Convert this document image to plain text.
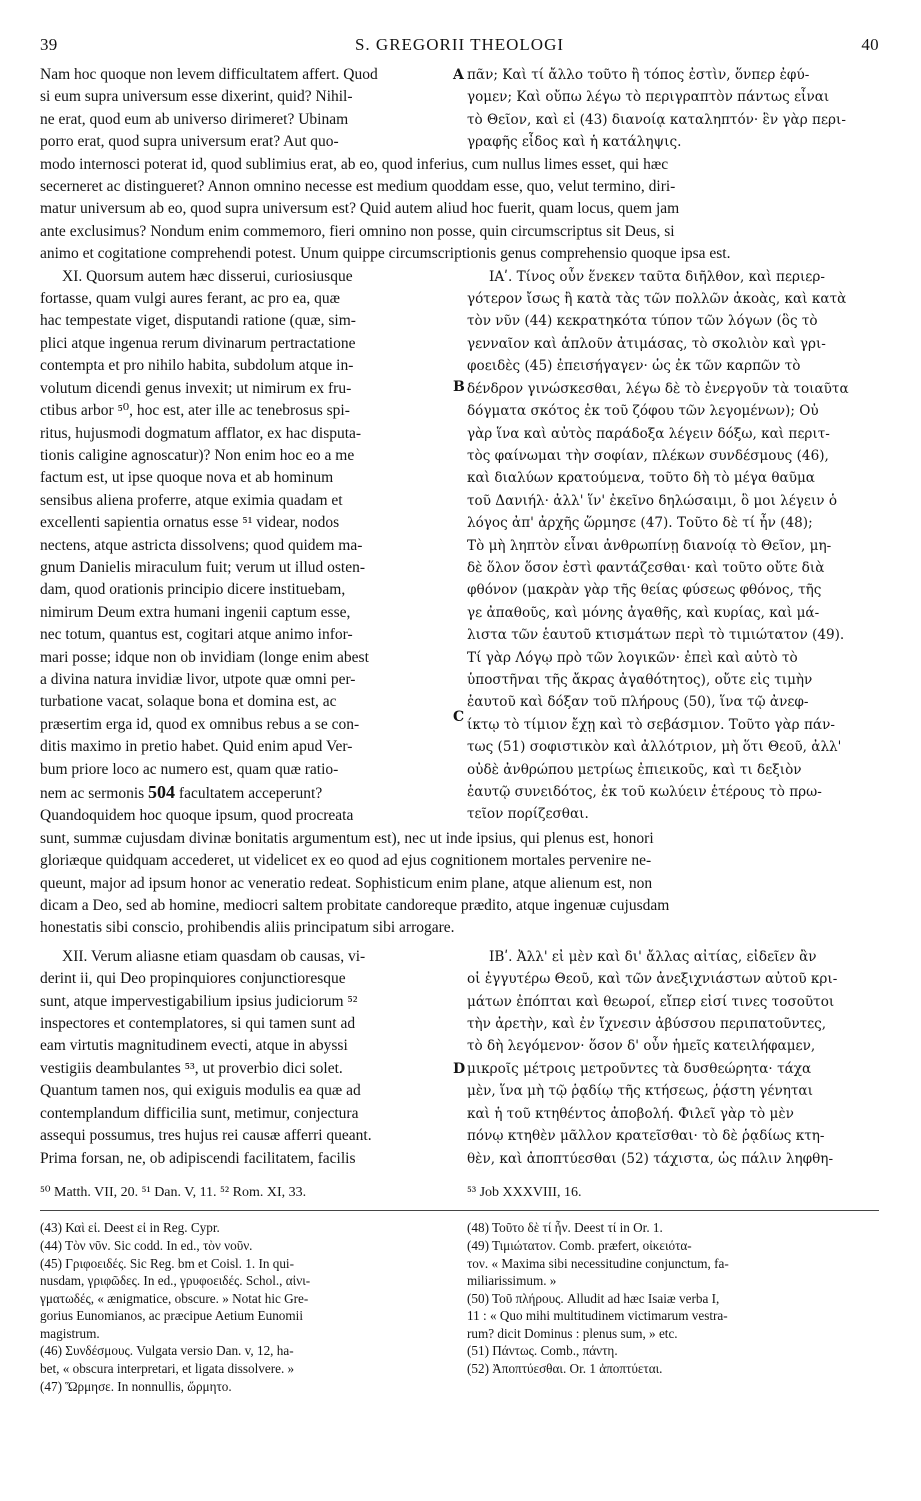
39	S. GREGORII THEOLOGI	40

Nam hoc quoque non levem difficultatem affert. Quod

si eum supra universum esse dixerint, quid? Nihil-

ne erat, quod eum ab universo dirimeret? Ubinam

porro erat, quod supra universum erat? Aut quo-

A πᾶν; Καὶ τί ἄλλο τοῦτο ἢ τόπος ἐστὶν, ὅνπερ ἐφύ-

γομεν; Καὶ οὔπω λέγω τὸ περιγραπτὸν πάντως εἶναι

τὸ Θεῖον, καὶ εἰ (43) διανοίᾳ καταληπτόν· ἓν γὰρ περι-

γραφῆς εἶδος καὶ ἡ κατάληψις.

modo internosci poterat id, quod sublimius erat, ab eo, quod inferius, cum nullus limes esset, qui hæc

secerneret ac distingueret? Annon omnino necesse est medium quoddam esse, quo, velut termino, diri-

matur universum ab eo, quod supra universum est? Quid autem aliud hoc fuerit, quam locus, quem jam

ante exclusimus? Nondum enim commemoro, fieri omnino non posse, quin circumscriptus sit Deus, si

animo et cogitatione comprehendi potest. Unum quippe circumscriptionis genus comprehensio quoque ipsa est.

XI. Quorsum autem hæc disserui, curiosiusque

fortasse, quam vulgi aures ferant, ac pro ea, quæ

hac tempestate viget, disputandi ratione (quæ, sim-

plici atque ingenua rerum divinarum pertractatione

contempta et pro nihilo habita, subdolum atque in-

volutum dicendi genus invexit; ut nimirum ex fru-

ctibus arbor ⁵⁰, hoc est, ater ille ac tenebrosus spi-

ritus, hujusmodi dogmatum afflator, ex hac disputa-

tionis caligine agnoscatur)? Non enim hoc eo a me

factum est, ut ipse quoque nova et ab hominum

sensibus aliena proferre, atque eximia quadam et

excellenti sapientia ornatus esse ⁵¹ videar, nodos

nectens, atque astricta dissolvens; quod quidem ma-

gnum Danielis miraculum fuit; verum ut illud osten-

dam, quod orationis principio dicere instituebam,

nimirum Deum extra humani ingenii captum esse,

nec totum, quantus est, cogitari atque animo infor-

mari posse; idque non ob invidiam (longe enim abest

a divina natura invidiæ livor, utpote quæ omni per-

turbatione vacat, solaque bona et domina est, ac

præsertim erga id, quod ex omnibus rebus a se con-

ditis maximo in pretio habet. Quid enim apud Ver-

bum priore loco ac numero est, quam quæ ratio-

nem ac sermonis 504 facultatem acceperunt?

Quandoquidem hoc quoque ipsum, quod procreata

B
C

ΙΑʹ. Τίνος οὖν ἕνεκεν ταῦτα διῆλθον, καὶ περιερ-

γότερον ἴσως ἢ κατὰ τὰς τῶν πολλῶν ἀκοὰς, καὶ κατὰ

τὸν νῦν (44) κεκρατηκότα τύπον τῶν λόγων (ὃς τὸ

γενναῖον καὶ ἁπλοῦν ἀτιμάσας, τὸ σκολιὸν καὶ γρι-

φοειδὲς (45) ἐπεισήγαγεν· ὡς ἐκ τῶν καρπῶν τὸ

δένδρον γινώσκεσθαι, λέγω δὲ τὸ ἐνεργοῦν τὰ τοιαῦτα

δόγματα σκότος ἐκ τοῦ ζόφου τῶν λεγομένων); Οὐ

γὰρ ἵνα καὶ αὐτὸς παράδοξα λέγειν δόξω, καὶ περιτ-

τὸς φαίνωμαι τὴν σοφίαν, πλέκων συνδέσμους (46),

καὶ διαλύων κρατούμενα, τοῦτο δὴ τὸ μέγα θαῦμα

τοῦ Δανιήλ· ἀλλ' ἵν' ἐκεῖνο δηλώσαιμι, ὃ μοι λέγειν ὁ

λόγος ἀπ' ἀρχῆς ὥρμησε (47). Τοῦτο δὲ τί ἦν (48);

Τὸ μὴ ληπτὸν εἶναι ἀνθρωπίνῃ διανοίᾳ τὸ Θεῖον, μη-

δὲ ὅλον ὅσον ἐστὶ φαντάζεσθαι· καὶ τοῦτο οὔτε διὰ

φθόνον (μακρὰν γὰρ τῆς θείας φύσεως φθόνος, τῆς

γε ἀπαθοῦς, καὶ μόνης ἀγαθῆς, καὶ κυρίας, καὶ μά-

λιστα τῶν ἑαυτοῦ κτισμάτων περὶ τὸ τιμιώτατον (49).

Τί γὰρ Λόγῳ πρὸ τῶν λογικῶν· ἐπεὶ καὶ αὐτὸ τὸ

ὑποστῆναι τῆς ἄκρας ἀγαθότητος), οὔτε εἰς τιμὴν

ἑαυτοῦ καὶ δόξαν τοῦ πλήρους (50), ἵνα τῷ ἀνεφ-

ίκτῳ τὸ τίμιον ἔχῃ καὶ τὸ σεβάσμιον. Τοῦτο γὰρ πάν-

τως (51) σοφιστικὸν καὶ ἀλλότριον, μὴ ὅτι Θεοῦ, ἀλλ'

οὐδὲ ἀνθρώπου μετρίως ἐπιεικοῦς, καὶ τι δεξιὸν

ἑαυτῷ συνειδότος, ἐκ τοῦ κωλύειν ἑτέρους τὸ πρω-

τεῖον πορίζεσθαι.

sunt, summæ cujusdam divinæ bonitatis argumentum est), nec ut inde ipsius, qui plenus est, honori

gloriæque quidquam accederet, ut videlicet ex eo quod ad ejus cognitionem mortales pervenire ne-

queunt, major ad ipsum honor ac veneratio redeat. Sophisticum enim plane, atque alienum est, non

dicam a Deo, sed ab homine, mediocri saltem probitate candoreque prædito, atque ingenuæ cujusdam

honestatis sibi conscio, prohibendis aliis principatum sibi arrogare.

XII. Verum aliasne etiam quasdam ob causas, vi-

derint ii, qui Deo propinquiores conjunctioresque

sunt, atque impervestigabilium ipsius judiciorum ⁵²

inspectores et contemplatores, si qui tamen sunt ad

eam virtutis magnitudinem evecti, atque in abyssi

vestigiis deambulantes ⁵³, ut proverbio dici solet.

Quantum tamen nos, qui exiguis modulis ea quæ ad

contemplandum difficilia sunt, metimur, conjectura

assequi possumus, tres hujus rei causæ afferri queant.

Prima forsan, ne, ob adipiscendi facilitatem, facilis

D

ΙΒʹ. Ἀλλ' εἰ μὲν καὶ δι' ἄλλας αἰτίας, εἰδεῖεν ἂν

οἱ ἐγγυτέρω Θεοῦ, καὶ τῶν ἀνεξιχνιάστων αὐτοῦ κρι-

μάτων ἐπόπται καὶ θεωροί, εἴπερ εἰσί τινες τοσοῦτοι

τὴν ἀρετὴν, καὶ ἐν ἴχνεσιν ἀβύσσου περιπατοῦντες,

τὸ δὴ λεγόμενον· ὅσον δ' οὖν ἡμεῖς κατειλήφαμεν,

μικροῖς μέτροις μετροῦντες τὰ δυσθεώρητα· τάχα

μὲν, ἵνα μὴ τῷ ῥᾳδίῳ τῆς κτήσεως, ῥᾴστη γένηται

καὶ ἡ τοῦ κτηθέντος ἀποβολή. Φιλεῖ γὰρ τὸ μὲν

πόνῳ κτηθὲν μᾶλλον κρατεῖσθαι· τὸ δὲ ῥᾳδίως κτη-

θὲν, καὶ ἀποπτύεσθαι (52) τάχιστα, ὡς πάλιν ληφθη-

⁵⁰ Matth. VII, 20. ⁵¹ Dan. V, 11. ⁵² Rom. XI, 33.	⁵³ Job XXXVIII, 16.

(43) Καὶ εἰ. Deest εἰ in Reg. Cypr.

(44) Τὸν νῦν. Sic codd. In ed., τὸν νοῦν.

(45) Γριφοειδές. Sic Reg. bm et Coisl. 1. In qui-

nusdam, γριφῶδες. In ed., γρυφοειδές. Schol., αἰνι-

γματωδές, « ænigmatice, obscure. » Notat hic Gre-

gorius Eunomianos, ac præcipue Aetium Eunomii

magistrum.

(46) Συνδέσμους. Vulgata versio Dan. v, 12, ha-

bet, « obscura interpretari, et ligata dissolvere. »

(47) Ὥρμησε. In nonnullis, ὥρμητο.

(48) Τοῦτο δὲ τί ἦν. Deest τί in Or. 1.

(49) Τιμιώτατον. Comb. præfert, οἰκειότα-

τον. « Maxima sibi necessitudine conjunctum, fa-

miliarissimum. »

(50) Τοῦ πλήρους. Alludit ad hæc Isaiæ verba I,

11 : « Quo mihi multitudinem victimarum vestra-

rum? dicit Dominus : plenus sum, » etc.

(51) Πάντως. Comb., πάντη.

(52) Ἀποπτύεσθαι. Or. 1 ἀποπτύεται.
